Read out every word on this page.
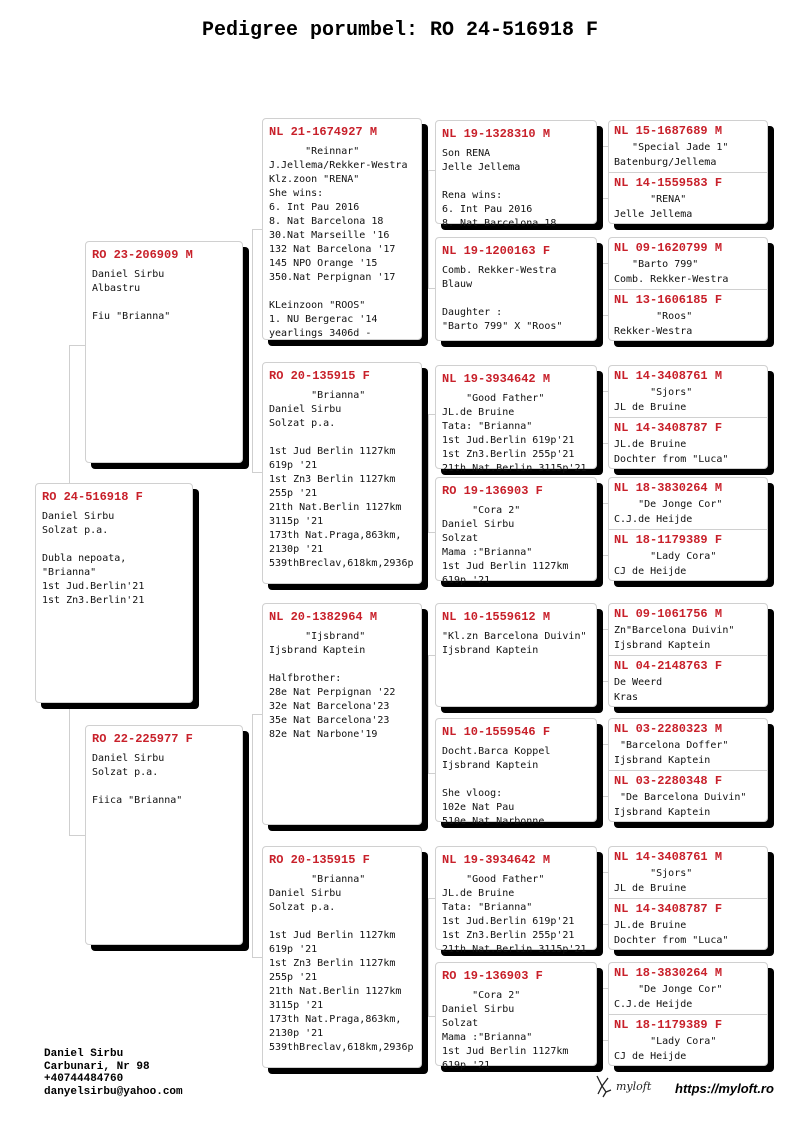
Pedigree porumbel: RO 24-516918 F
RO 24-516918 F
Daniel Sirbu
Solzat p.a.

Dubla nepoata,
"Brianna"
1st Jud.Berlin'21
1st Zn3.Berlin'21
RO 23-206909 M
Daniel Sirbu
Albastru

Fiu "Brianna"
RO 22-225977 F
Daniel Sirbu
Solzat p.a.

Fiica "Brianna"
NL 21-1674927 M
"Reinnar"
J.Jellema/Rekker-Westra
Klz.zoon "RENA"
She wins:
6. Int Pau 2016
8. Nat Barcelona 18
30.Nat Marseille '16
132 Nat Barcelona '17
145 NPO Orange '15
350.Nat Perpignan '17

KLeinzoon "ROOS"
1. NU Bergerac '14
yearlings 3406d -
RO 20-135915 F
"Brianna"
Daniel Sirbu
Solzat p.a.

1st Jud Berlin 1127km
619p '21
1st Zn3 Berlin 1127km
255p '21
21th Nat.Berlin 1127km
3115p '21
173th Nat.Praga,863km,
2130p '21
539thBreclav,618km,2936p
NL 20-1382964 M
"Ijsbrand"
Ijsbrand Kaptein

Halfbrother:
28e Nat Perpignan '22
32e Nat Barcelona'23
35e Nat Barcelona'23
82e Nat Narbone'19
RO 20-135915 F
"Brianna"
Daniel Sirbu
Solzat p.a.

1st Jud Berlin 1127km
619p '21
1st Zn3 Berlin 1127km
255p '21
21th Nat.Berlin 1127km
3115p '21
173th Nat.Praga,863km,
2130p '21
539thBreclav,618km,2936p
NL 19-1328310 M
Son RENA
Jelle Jellema

Rena wins:
6. Int Pau 2016
8. Nat Barcelona 18
NL 19-1200163 F
Comb. Rekker-Westra
Blauw

Daughter :
"Barto 799" X "Roos"
NL 19-3934642 M
"Good Father"
JL.de Bruine
Tata: "Brianna"
1st Jud.Berlin 619p'21
1st Zn3.Berlin 255p'21
21th Nat.Berlin 3115p'21
RO 19-136903 F
"Cora 2"
Daniel Sirbu
Solzat
Mama :"Brianna"
1st Jud Berlin 1127km
619p '21
NL 10-1559612 M
"Kl.zn Barcelona Duivin"
Ijsbrand Kaptein
NL 10-1559546 F
Docht.Barca Koppel
Ijsbrand Kaptein

She vloog:
102e Nat Pau
510e Nat Narbonne
NL 19-3934642 M
"Good Father"
JL.de Bruine
Tata: "Brianna"
1st Jud.Berlin 619p'21
1st Zn3.Berlin 255p'21
21th Nat.Berlin 3115p'21
RO 19-136903 F
"Cora 2"
Daniel Sirbu
Solzat
Mama :"Brianna"
1st Jud Berlin 1127km
619p '21
NL 15-1687689 M
"Special Jade 1"
Batenburg/Jellema
NL 14-1559583 F
"RENA"
Jelle Jellema
NL 09-1620799 M
"Barto 799"
Comb. Rekker-Westra
NL 13-1606185 F
"Roos"
Rekker-Westra
NL 14-3408761 M
"Sjors"
JL de Bruine
NL 14-3408787 F
JL.de Bruine
Dochter from "Luca"
NL 18-3830264 M
"De Jonge Cor"
C.J.de Heijde
NL 18-1179389 F
"Lady Cora"
CJ de Heijde
NL 09-1061756 M
Zn"Barcelona Duivin"
Ijsbrand Kaptein
NL 04-2148763 F
De Weerd
Kras
NL 03-2280323 M
"Barcelona Doffer"
Ijsbrand Kaptein
NL 03-2280348 F
"De Barcelona Duivin"
Ijsbrand Kaptein
NL 14-3408761 M
"Sjors"
JL de Bruine
NL 14-3408787 F
JL.de Bruine
Dochter from "Luca"
NL 18-3830264 M
"De Jonge Cor"
C.J.de Heijde
NL 18-1179389 F
"Lady Cora"
CJ de Heijde
Daniel Sirbu
Carbunari, Nr 98
+40744484760
danyelsirbu@yahoo.com	myloft https://myloft.ro
